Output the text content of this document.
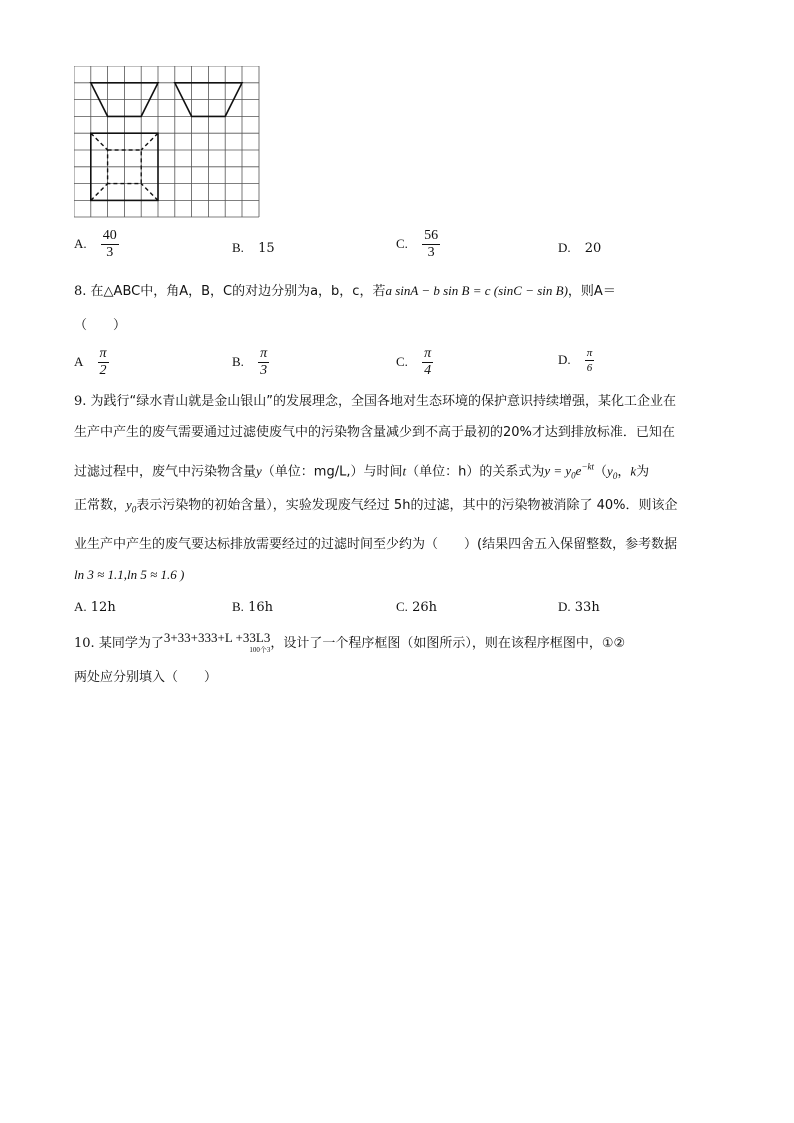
A. $\frac{40}{3}$	B. 15	C. $\frac{56}{3}$	D. 20
8. 在△ABC中，角A，B，C的对边分别为a，b，c，若a sinA − b sin B = c (sinC − sin B)，则A＝
（　　）
A $\frac{\pi}{2}$	B. $\frac{\pi}{3}$	C. $\frac{\pi}{4}$	D. $\frac{\pi}{6}$
9. 为践行“绿水青山就是金山银山”的发展理念，全国各地对生态环境的保护意识持续增强，某化工企业在
生产中产生的废气需要通过过滤使废气中的污染物含量减少到不高于最初的20%才达到排放标准．已知在
过滤过程中，废气中污染物含量y（单位：mg/L,）与时间t（单位：h）的关系式为$y = y_0e^{-kt}(y_0$，k为
正常数，$y_0$表示污染物的初始含量），实验发现废气经过 5h的过滤，其中的污染物被消除了 40%．则该企
业生产中产生的废气要达标排放需要经过的过滤时间至少约为（　　）(结果四舍五入保留整数，参考数据
ln 3 ≈ 1.1,ln 5 ≈ 1.6 )
A. 12h	B. 16h	C. 26h	D. 33h
10. 某同学为了3+33+333+L +33L3
100个3 ，设计了一个程序框图（如图所示），则在该程序框图中，①②
两处应分别填入（　　）
